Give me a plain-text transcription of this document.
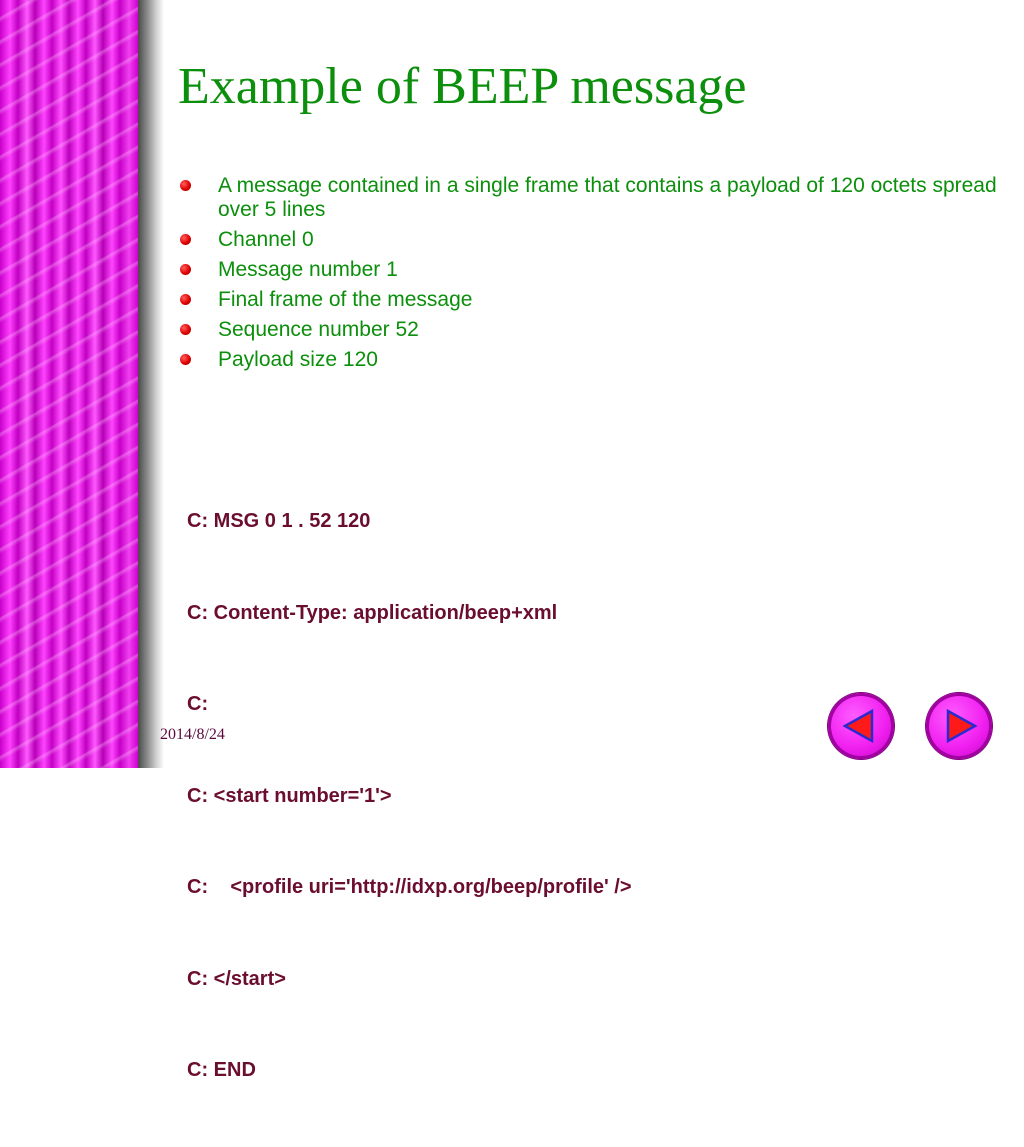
Example of BEEP message
A message contained in a single frame that contains a payload of 120 octets spread over 5 lines
Channel 0
Message number 1
Final frame of the message
Sequence number 52
Payload size 120

C: MSG 0 1 . 52 120

C: Content-Type: application/beep+xml

C:

C: <start number='1'>

C:    <profile uri='http://idxp.org/beep/profile' />

C: </start>

C: END

2014/8/24
